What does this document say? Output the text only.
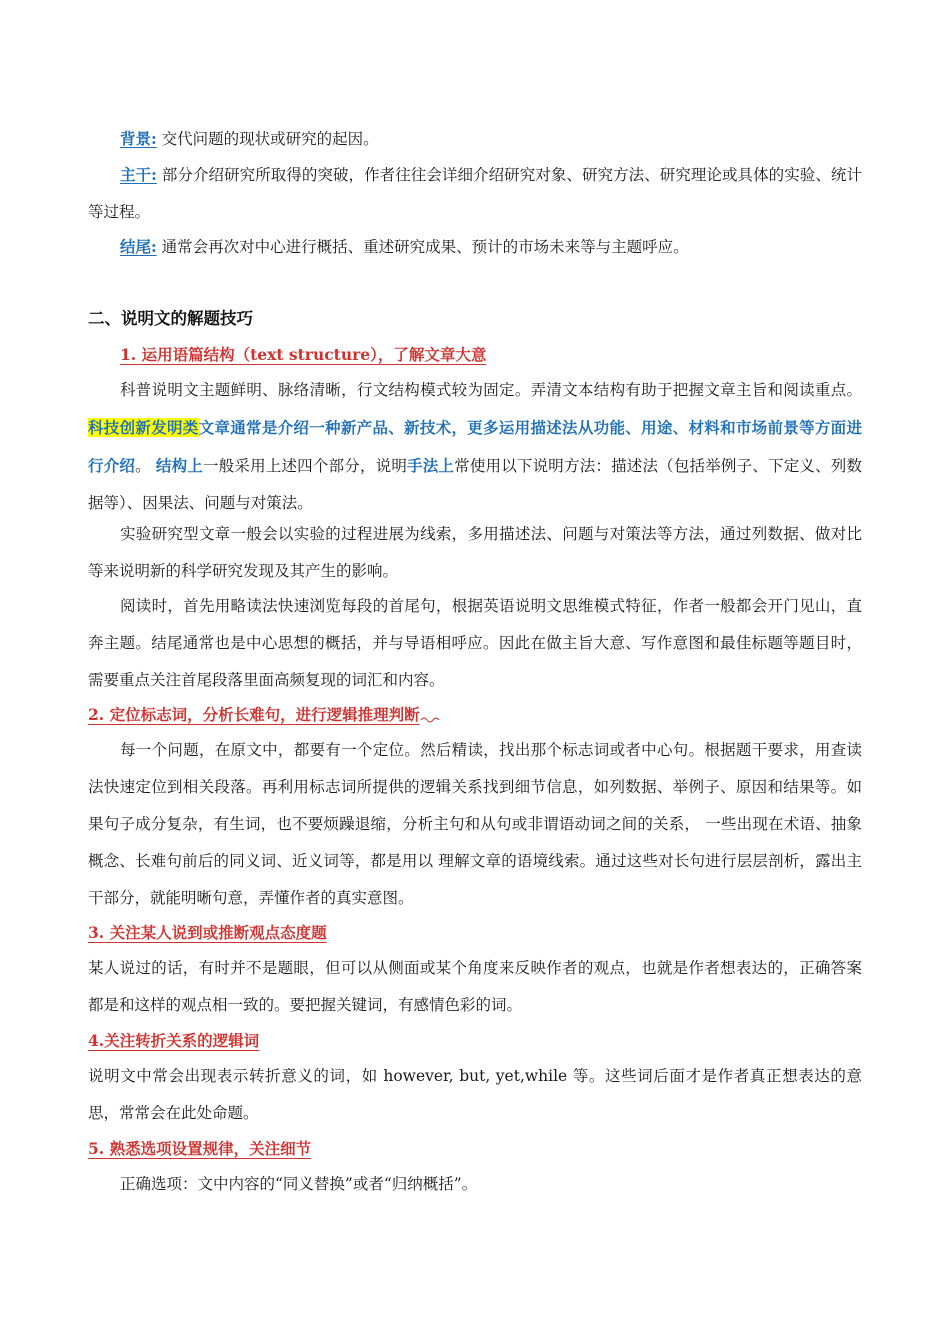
背景: 交代问题的现状或研究的起因。

主干: 部分介绍研究所取得的突破，作者往往会详细介绍研究对象、研究方法、研究理论或具体的实验、统计等过程。

结尾: 通常会再次对中心进行概括、重述研究成果、预计的市场未来等与主题呼应。

二、说明文的解题技巧

1. 运用语篇结构（text structure），了解文章大意

科普说明文主题鲜明、脉络清晰，行文结构模式较为固定。弄清文本结构有助于把握文章主旨和阅读重点。科技创新发明类文章通常是介绍一种新产品、新技术，更多运用描述法从功能、用途、材料和市场前景等方面进行介绍。 结构上一般采用上述四个部分，说明手法上常使用以下说明方法：描述法（包括举例子、下定义、列数据等）、因果法、问题与对策法。

实验研究型文章一般会以实验的过程进展为线索，多用描述法、问题与对策法等方法，通过列数据、做对比等来说明新的科学研究发现及其产生的影响。

阅读时，首先用略读法快速浏览每段的首尾句，根据英语说明文思维模式特征，作者一般都会开门见山，直奔主题。结尾通常也是中心思想的概括，并与导语相呼应。因此在做主旨大意、写作意图和最佳标题等题目时，需要重点关注首尾段落里面高频复现的词汇和内容。

2. 定位标志词，分析长难句，进行逻辑推理判断

每一个问题，在原文中，都要有一个定位。然后精读，找出那个标志词或者中心句。根据题干要求，用查读法快速定位到相关段落。再利用标志词所提供的逻辑关系找到细节信息，如列数据、举例子、原因和结果等。如果句子成分复杂，有生词，也不要烦躁退缩，分析主句和从句或非谓语动词之间的关系， 一些出现在术语、抽象概念、长难句前后的同义词、近义词等，都是用以 理解文章的语境线索。通过这些对长句进行层层剖析，露出主干部分，就能明晰句意，弄懂作者的真实意图。

3. 关注某人说到或推断观点态度题

某人说过的话，有时并不是题眼，但可以从侧面或某个角度来反映作者的观点，也就是作者想表达的，正确答案都是和这样的观点相一致的。要把握关键词，有感情色彩的词。

4.关注转折关系的逻辑词

说明文中常会出现表示转折意义的词，如 however, but, yet,while 等。这些词后面才是作者真正想表达的意思，常常会在此处命题。

5. 熟悉选项设置规律，关注细节

正确选项：文中内容的“同义替换”或者“归纳概括”。
